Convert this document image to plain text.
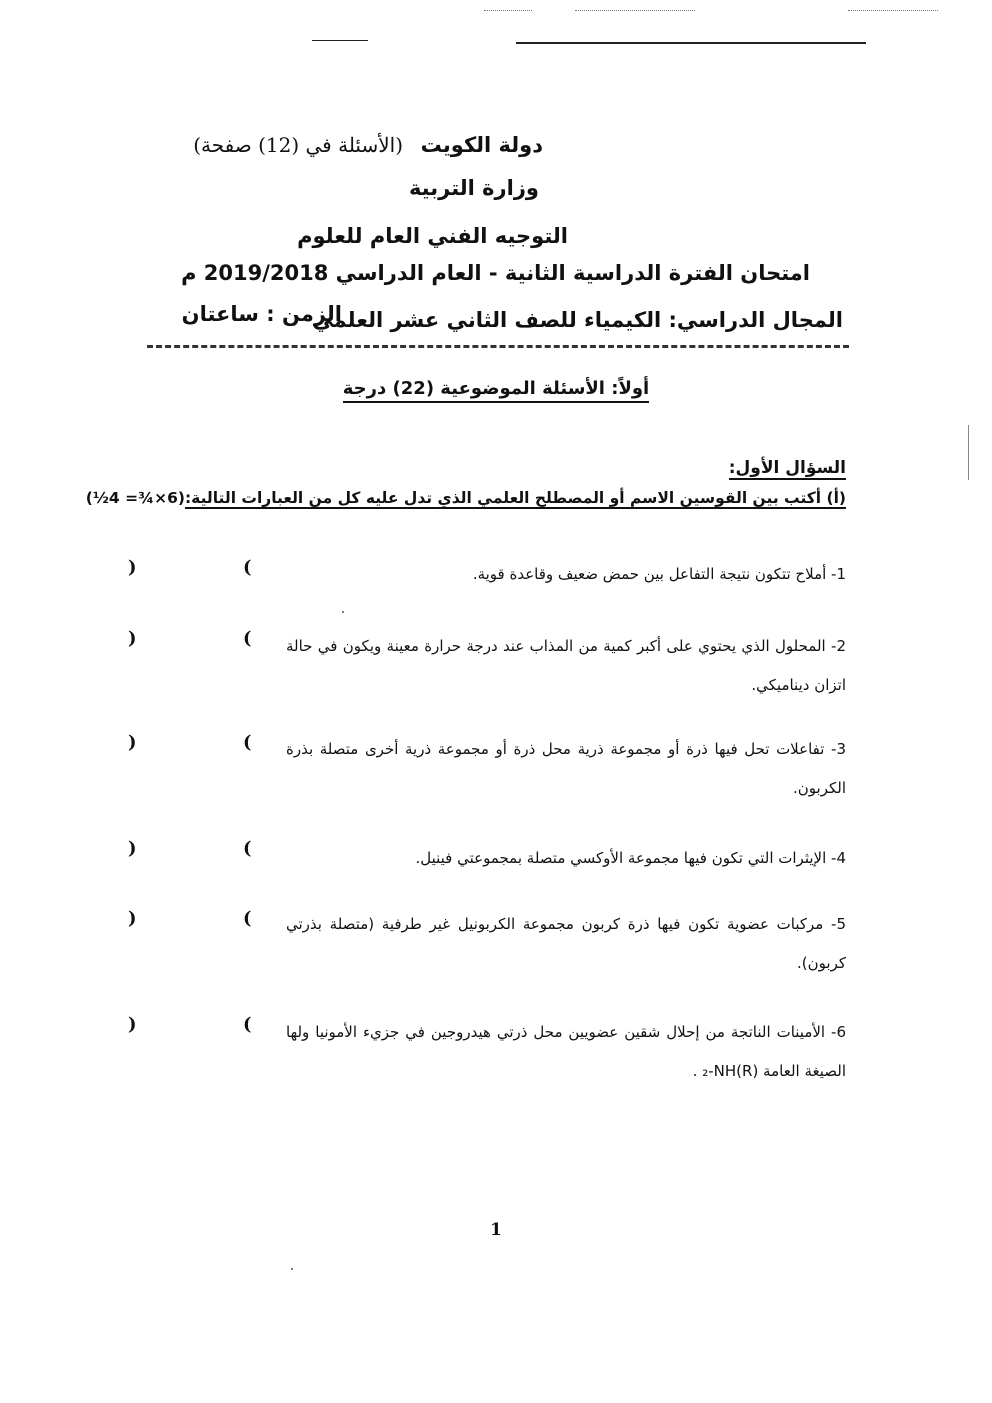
دولة الكويت
(الأسئلة في (12) صفحة)
وزارة التربية
التوجيه الفني العام للعلوم
امتحان الفترة الدراسية الثانية - العام الدراسي 2019/2018 م
المجال الدراسي: الكيمياء للصف الثاني عشر العلمي
الزمن : ساعتان
أولاً: الأسئلة الموضوعية (22) درجة
السؤال الأول:
(أ) أكتب بين القوسين الاسم أو المصطلح العلمي الذي تدل عليه كل من العبارات التالية:(6×¾= 4½)
1- أملاح تتكون نتيجة التفاعل بين حمض ضعيف وقاعدة قوية.
2- المحلول الذي يحتوي على أكبر كمية من المذاب عند درجة حرارة معينة ويكون في حالة اتزان ديناميكي.
3- تفاعلات تحل فيها ذرة أو مجموعة ذرية محل ذرة أو مجموعة ذرية أخرى متصلة بذرة الكربون.
4- الإيثرات التي تكون فيها مجموعة الأوكسي متصلة بمجموعتي فينيل.
5- مركبات عضوية تكون فيها ذرة كربون مجموعة الكربونيل غير طرفية (متصلة بذرتي كربون).
6- الأمينات الناتجة من إحلال شقين عضويين محل ذرتي هيدروجين في جزيء الأمونيا ولها الصيغة العامة (R)₂-NH .
(
)
(
)
(
)
(
)
(
)
(
)
1
